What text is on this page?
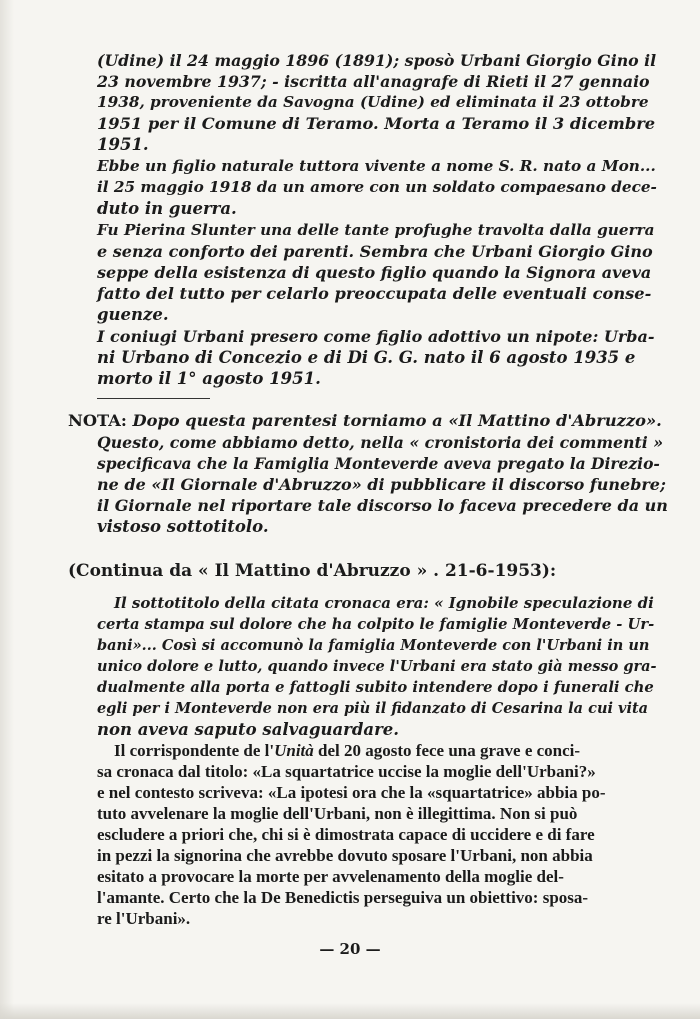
(Udine) il 24 maggio 1896 (1891); sposò Urbani Giorgio Gino il
23 novembre 1937; - iscritta all'anagrafe di Rieti il 27 gennaio
1938, proveniente da Savogna (Udine) ed eliminata il 23 ottobre
1951 per il Comune di Teramo. Morta a Teramo il 3 dicembre
1951.
Ebbe un figlio naturale tuttora vivente a nome S. R. nato a Mon...
il 25 maggio 1918 da un amore con un soldato compaesano dece-
duto in guerra.
Fu Pierina Slunter una delle tante profughe travolta dalla guerra
e senza conforto dei parenti. Sembra che Urbani Giorgio Gino
seppe della esistenza di questo figlio quando la Signora aveva
fatto del tutto per celarlo preoccupata delle eventuali conse-
guenze.
I coniugi Urbani presero come figlio adottivo un nipote: Urba-
ni Urbano di Concezio e di Di G. G. nato il 6 agosto 1935 e
morto il 1° agosto 1951.
NOTA: Dopo questa parentesi torniamo a «Il Mattino d'Abruzzo».
Questo, come abbiamo detto, nella « cronistoria dei commenti »
specificava che la Famiglia Monteverde aveva pregato la Direzio-
ne de «Il Giornale d'Abruzzo» di pubblicare il discorso funebre;
il Giornale nel riportare tale discorso lo faceva precedere da un
vistoso sottotitolo.
(Continua da « Il Mattino d'Abruzzo » . 21-6-1953):
Il sottotitolo della citata cronaca era: « Ignobile speculazione di
certa stampa sul dolore che ha colpito le famiglie Monteverde - Ur-
bani»... Così si accomunò la famiglia Monteverde con l'Urbani in un
unico dolore e lutto, quando invece l'Urbani era stato già messo gra-
dualmente alla porta e fattogli subito intendere dopo i funerali che
egli per i Monteverde non era più il fidanzato di Cesarina la cui vita
non aveva saputo salvaguardare.
Il corrispondente de l'Unità del 20 agosto fece una grave e conci-
sa cronaca dal titolo: «La squartatrice uccise la moglie dell'Urbani?»
e nel contesto scriveva: «La ipotesi ora che la «squartatrice» abbia po-
tuto avvelenare la moglie dell'Urbani, non è illegittima. Non si può
escludere a priori che, chi si è dimostrata capace di uccidere e di fare
in pezzi la signorina che avrebbe dovuto sposare l'Urbani, non abbia
esitato a provocare la morte per avvelenamento della moglie del-
l'amante. Certo che la De Benedictis perseguiva un obiettivo: sposa-
re l'Urbani».
— 20 —
